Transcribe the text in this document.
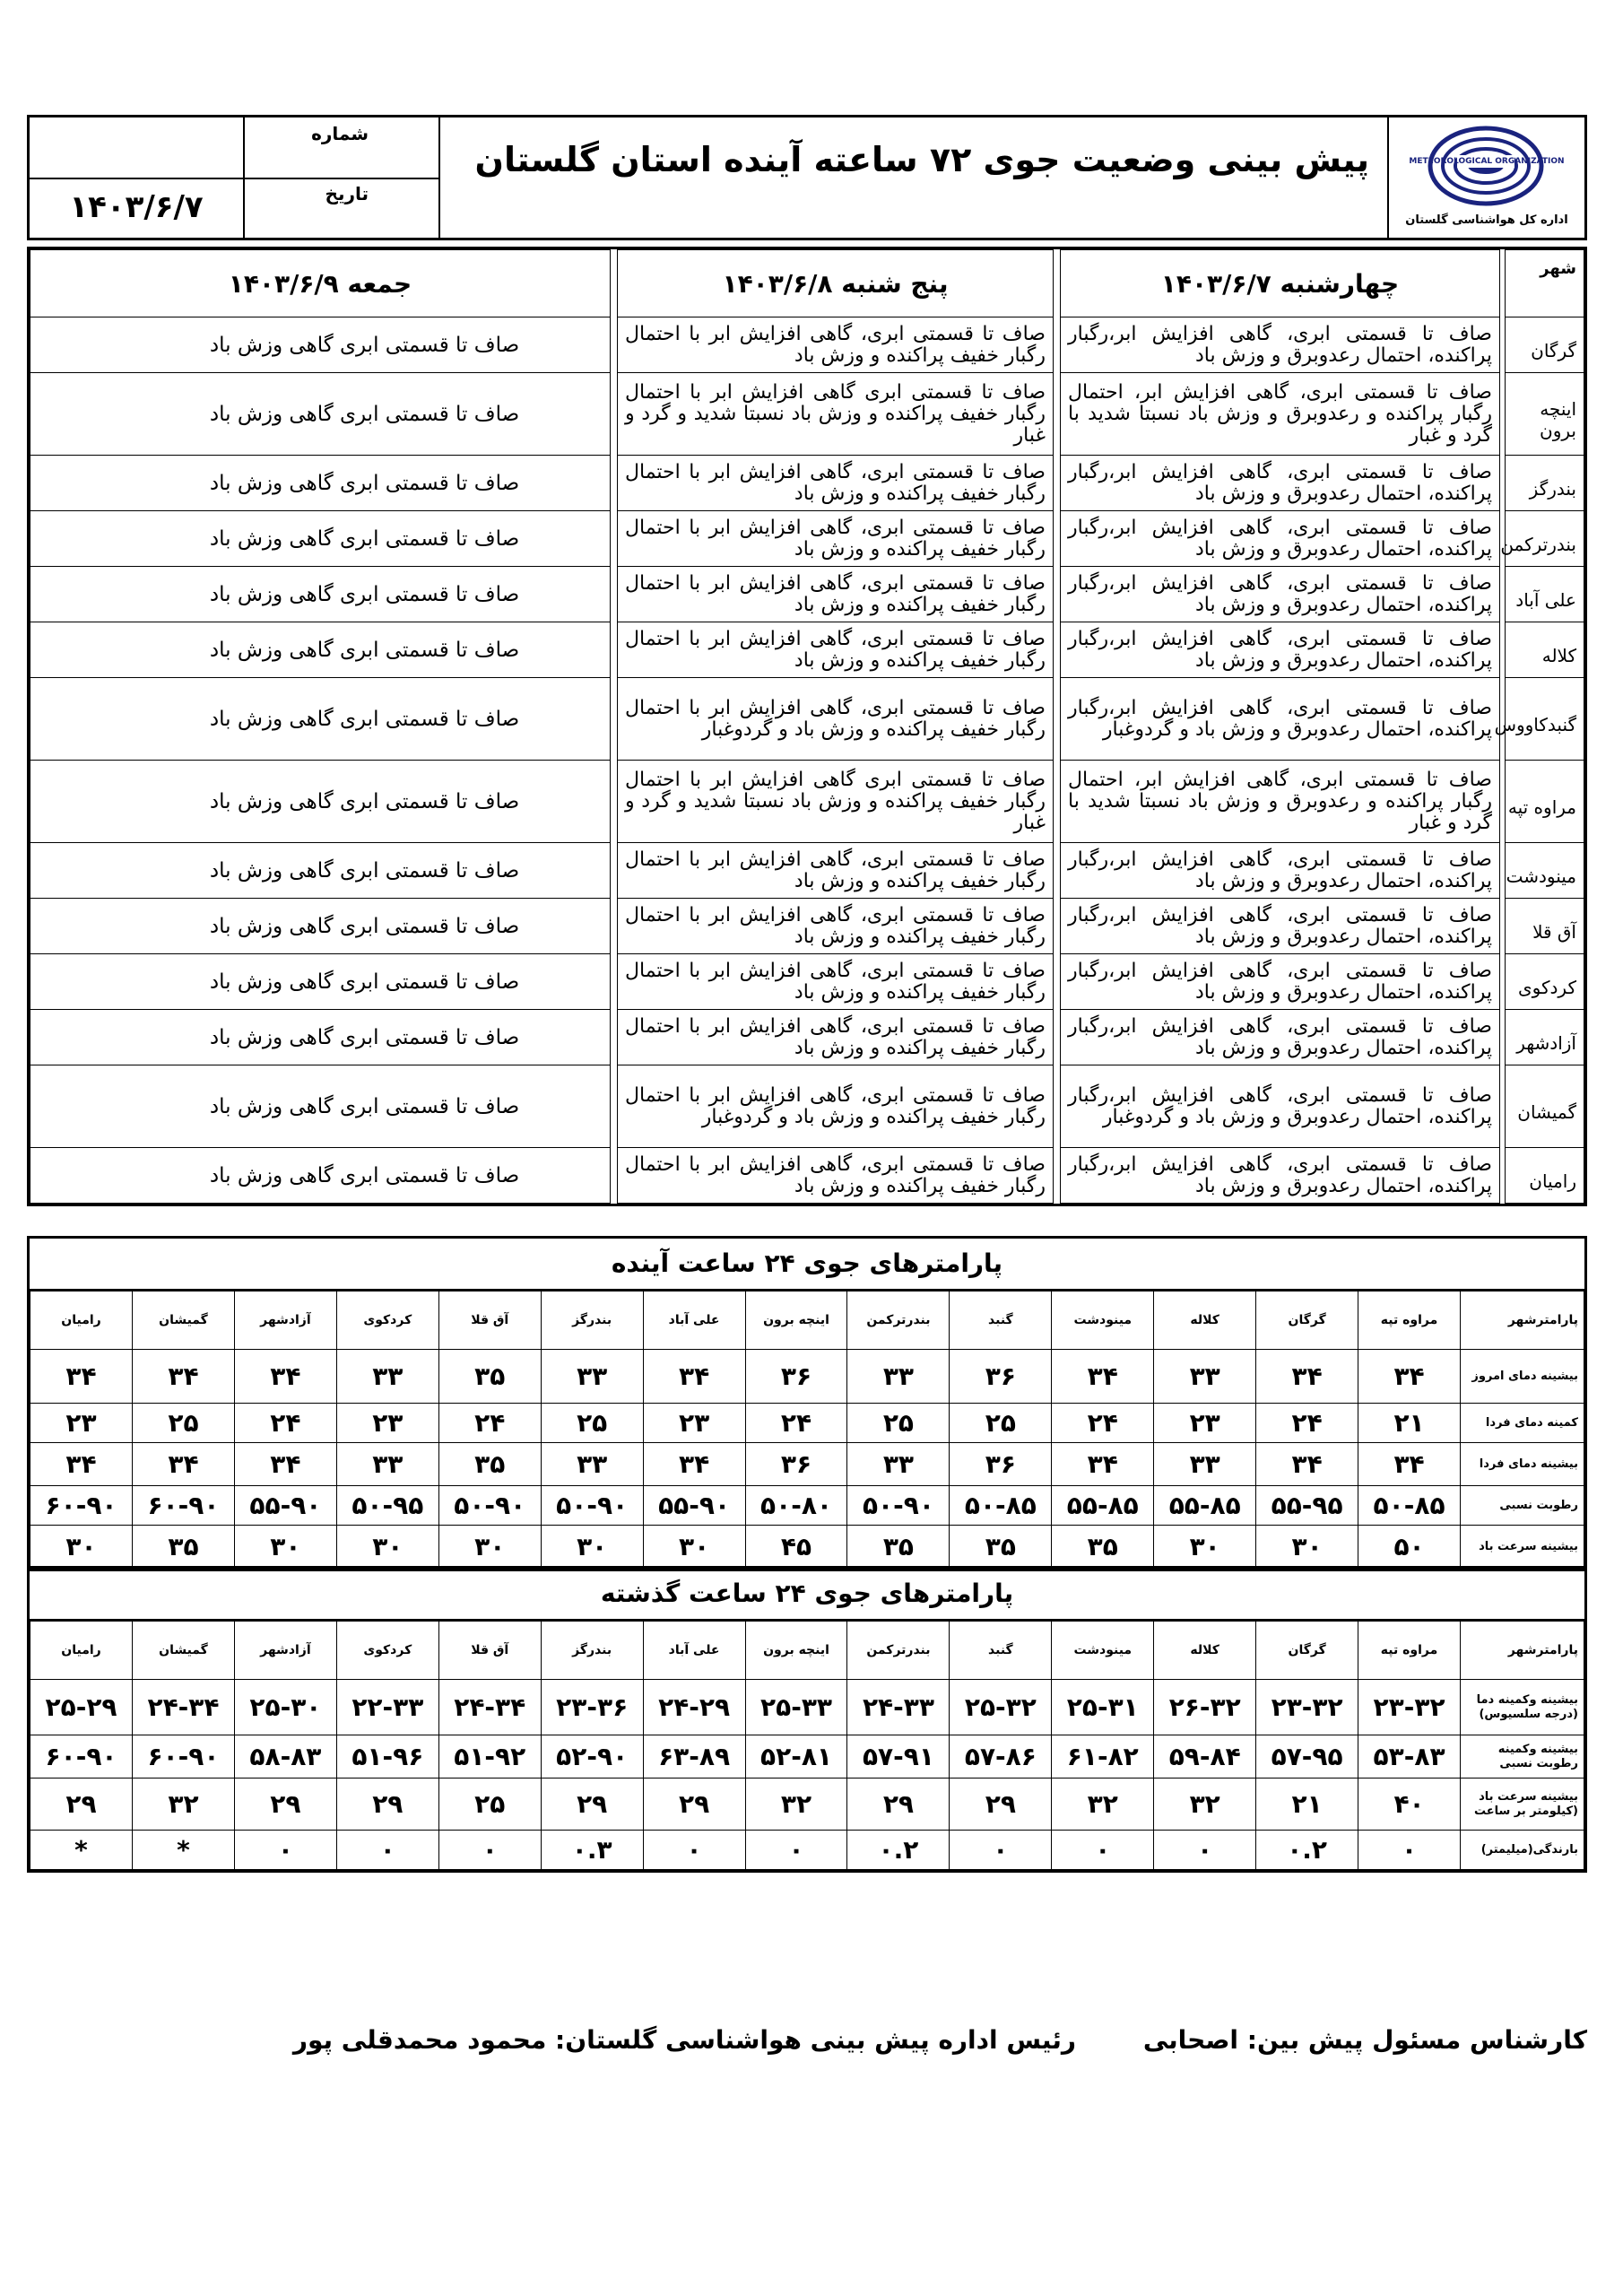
METEOROLOGICAL ORGANIZATION
اداره کل هواشناسی گلستان
پیش بینی وضعیت جوی ۷۲ ساعته آینده استان گلستان
شماره
۱۴۰۳/۶/۷	تاریخ
شهر		چهارشنبه ۱۴۰۳/۶/۷		پنج شنبه ۱۴۰۳/۶/۸		جمعه ۱۴۰۳/۶/۹
گرگان		صاف تا قسمتی ابری، گاهی افزایش ابر،رگبار پراکنده، احتمال رعدوبرق و وزش باد		صاف تا قسمتی ابری، گاهی افزایش ابر با احتمال رگبار خفیف پراکنده و وزش باد		صاف تا قسمتی ابری گاهی وزش باد
اینچه برون		صاف تا قسمتی ابری، گاهی افزایش ابر، احتمال رگبار پراکنده و رعدوبرق و وزش باد نسبتا شدید با گرد و غبار		صاف تا قسمتی ابری گاهی افزایش ابر با احتمال رگبار خفیف پراکنده و وزش باد نسبتا شدید و گرد و غبار		صاف تا قسمتی ابری گاهی وزش باد
بندرگز		صاف تا قسمتی ابری، گاهی افزایش ابر،رگبار پراکنده، احتمال رعدوبرق و وزش باد		صاف تا قسمتی ابری، گاهی افزایش ابر با احتمال رگبار خفیف پراکنده و وزش باد		صاف تا قسمتی ابری گاهی وزش باد
بندرترکمن		صاف تا قسمتی ابری، گاهی افزایش ابر،رگبار پراکنده، احتمال رعدوبرق و وزش باد		صاف تا قسمتی ابری، گاهی افزایش ابر با احتمال رگبار خفیف پراکنده و وزش باد		صاف تا قسمتی ابری گاهی وزش باد
علی آباد		صاف تا قسمتی ابری، گاهی افزایش ابر،رگبار پراکنده، احتمال رعدوبرق و وزش باد		صاف تا قسمتی ابری، گاهی افزایش ابر با احتمال رگبار خفیف پراکنده و وزش باد		صاف تا قسمتی ابری گاهی وزش باد
کلاله		صاف تا قسمتی ابری، گاهی افزایش ابر،رگبار پراکنده، احتمال رعدوبرق و وزش باد		صاف تا قسمتی ابری، گاهی افزایش ابر با احتمال رگبار خفیف پراکنده و وزش باد		صاف تا قسمتی ابری گاهی وزش باد
گنبدکاووس		صاف تا قسمتی ابری، گاهی افزایش ابر،رگبار پراکنده، احتمال رعدوبرق و وزش باد و گردوغبار		صاف تا قسمتی ابری، گاهی افزایش ابر با احتمال رگبار خفیف پراکنده و وزش باد و گردوغبار		صاف تا قسمتی ابری گاهی وزش باد
مراوه تپه		صاف تا قسمتی ابری، گاهی افزایش ابر، احتمال رگبار پراکنده و رعدوبرق و وزش باد نسبتا شدید با گرد و غبار		صاف تا قسمتی ابری گاهی افزایش ابر با احتمال رگبار خفیف پراکنده و وزش باد نسبتا شدید و گرد و غبار		صاف تا قسمتی ابری گاهی وزش باد
مینودشت		صاف تا قسمتی ابری، گاهی افزایش ابر،رگبار پراکنده، احتمال رعدوبرق و وزش باد		صاف تا قسمتی ابری، گاهی افزایش ابر با احتمال رگبار خفیف پراکنده و وزش باد		صاف تا قسمتی ابری گاهی وزش باد
آق قلا		صاف تا قسمتی ابری، گاهی افزایش ابر،رگبار پراکنده، احتمال رعدوبرق و وزش باد		صاف تا قسمتی ابری، گاهی افزایش ابر با احتمال رگبار خفیف پراکنده و وزش باد		صاف تا قسمتی ابری گاهی وزش باد
کردکوی		صاف تا قسمتی ابری، گاهی افزایش ابر،رگبار پراکنده، احتمال رعدوبرق و وزش باد		صاف تا قسمتی ابری، گاهی افزایش ابر با احتمال رگبار خفیف پراکنده و وزش باد		صاف تا قسمتی ابری گاهی وزش باد
آزادشهر		صاف تا قسمتی ابری، گاهی افزایش ابر،رگبار پراکنده، احتمال رعدوبرق و وزش باد		صاف تا قسمتی ابری، گاهی افزایش ابر با احتمال رگبار خفیف پراکنده و وزش باد		صاف تا قسمتی ابری گاهی وزش باد
گمیشان		صاف تا قسمتی ابری، گاهی افزایش ابر،رگبار پراکنده، احتمال رعدوبرق و وزش باد و گردوغبار		صاف تا قسمتی ابری، گاهی افزایش ابر با احتمال رگبار خفیف پراکنده و وزش باد و گردوغبار		صاف تا قسمتی ابری گاهی وزش باد
رامیان		صاف تا قسمتی ابری، گاهی افزایش ابر،رگبار پراکنده، احتمال رعدوبرق و وزش باد		صاف تا قسمتی ابری، گاهی افزایش ابر با احتمال رگبار خفیف پراکنده و وزش باد		صاف تا قسمتی ابری گاهی وزش باد
پارامترهای جوی ۲۴ ساعت آینده
پارامترشهر	مراوه تپه	گرگان	کلاله	مینودشت	گنبد	بندرترکمن	اینچه برون	علی آباد	بندرگز	آق قلا	کردکوی	آزادشهر	گمیشان	رامیان
بیشینه دمای امروز	۳۴	۳۴	۳۳	۳۴	۳۶	۳۳	۳۶	۳۴	۳۳	۳۵	۳۳	۳۴	۳۴	۳۴
کمینه دمای فردا	۲۱	۲۴	۲۳	۲۴	۲۵	۲۵	۲۴	۲۳	۲۵	۲۴	۲۳	۲۴	۲۵	۲۳
بیشینه دمای فردا	۳۴	۳۴	۳۳	۳۴	۳۶	۳۳	۳۶	۳۴	۳۳	۳۵	۳۳	۳۴	۳۴	۳۴
رطوبت نسبی	۵۰-۸۵	۵۵-۹۵	۵۵-۸۵	۵۵-۸۵	۵۰-۸۵	۵۰-۹۰	۵۰-۸۰	۵۵-۹۰	۵۰-۹۰	۵۰-۹۰	۵۰-۹۵	۵۵-۹۰	۶۰-۹۰	۶۰-۹۰
بیشینه سرعت باد	۵۰	۳۰	۳۰	۳۵	۳۵	۳۵	۴۵	۳۰	۳۰	۳۰	۳۰	۳۰	۳۵	۳۰
پارامترهای جوی ۲۴ ساعت گذشته
پارامترشهر	مراوه تپه	گرگان	کلاله	مینودشت	گنبد	بندرترکمن	اینچه برون	علی آباد	بندرگز	آق قلا	کردکوی	آزادشهر	گمیشان	رامیان
بیشینه وکمینه دما (درجه سلسیوس)	۲۳-۳۲	۲۳-۳۲	۲۶-۳۲	۲۵-۳۱	۲۵-۳۲	۲۴-۳۳	۲۵-۳۳	۲۴-۲۹	۲۳-۳۶	۲۴-۳۴	۲۲-۳۳	۲۵-۳۰	۲۴-۳۴	۲۵-۲۹
بیشینه وکمینه رطوبت نسبی	۵۳-۸۳	۵۷-۹۵	۵۹-۸۴	۶۱-۸۲	۵۷-۸۶	۵۷-۹۱	۵۲-۸۱	۶۳-۸۹	۵۲-۹۰	۵۱-۹۲	۵۱-۹۶	۵۸-۸۳	۶۰-۹۰	۶۰-۹۰
بیشینه سرعت باد (کیلومتر بر ساعت	۴۰	۲۱	۳۲	۳۲	۲۹	۲۹	۳۲	۲۹	۲۹	۲۵	۲۹	۲۹	۳۲	۲۹
بارندگی(میلیمتر)	۰	۰.۲	۰	۰	۰	۰.۲	۰	۰	۰.۳	۰	۰	۰	*	*
کارشناس مسئول پیش بین: اصحابی
رئیس اداره پیش بینی هواشناسی گلستان: محمود محمدقلی پور
